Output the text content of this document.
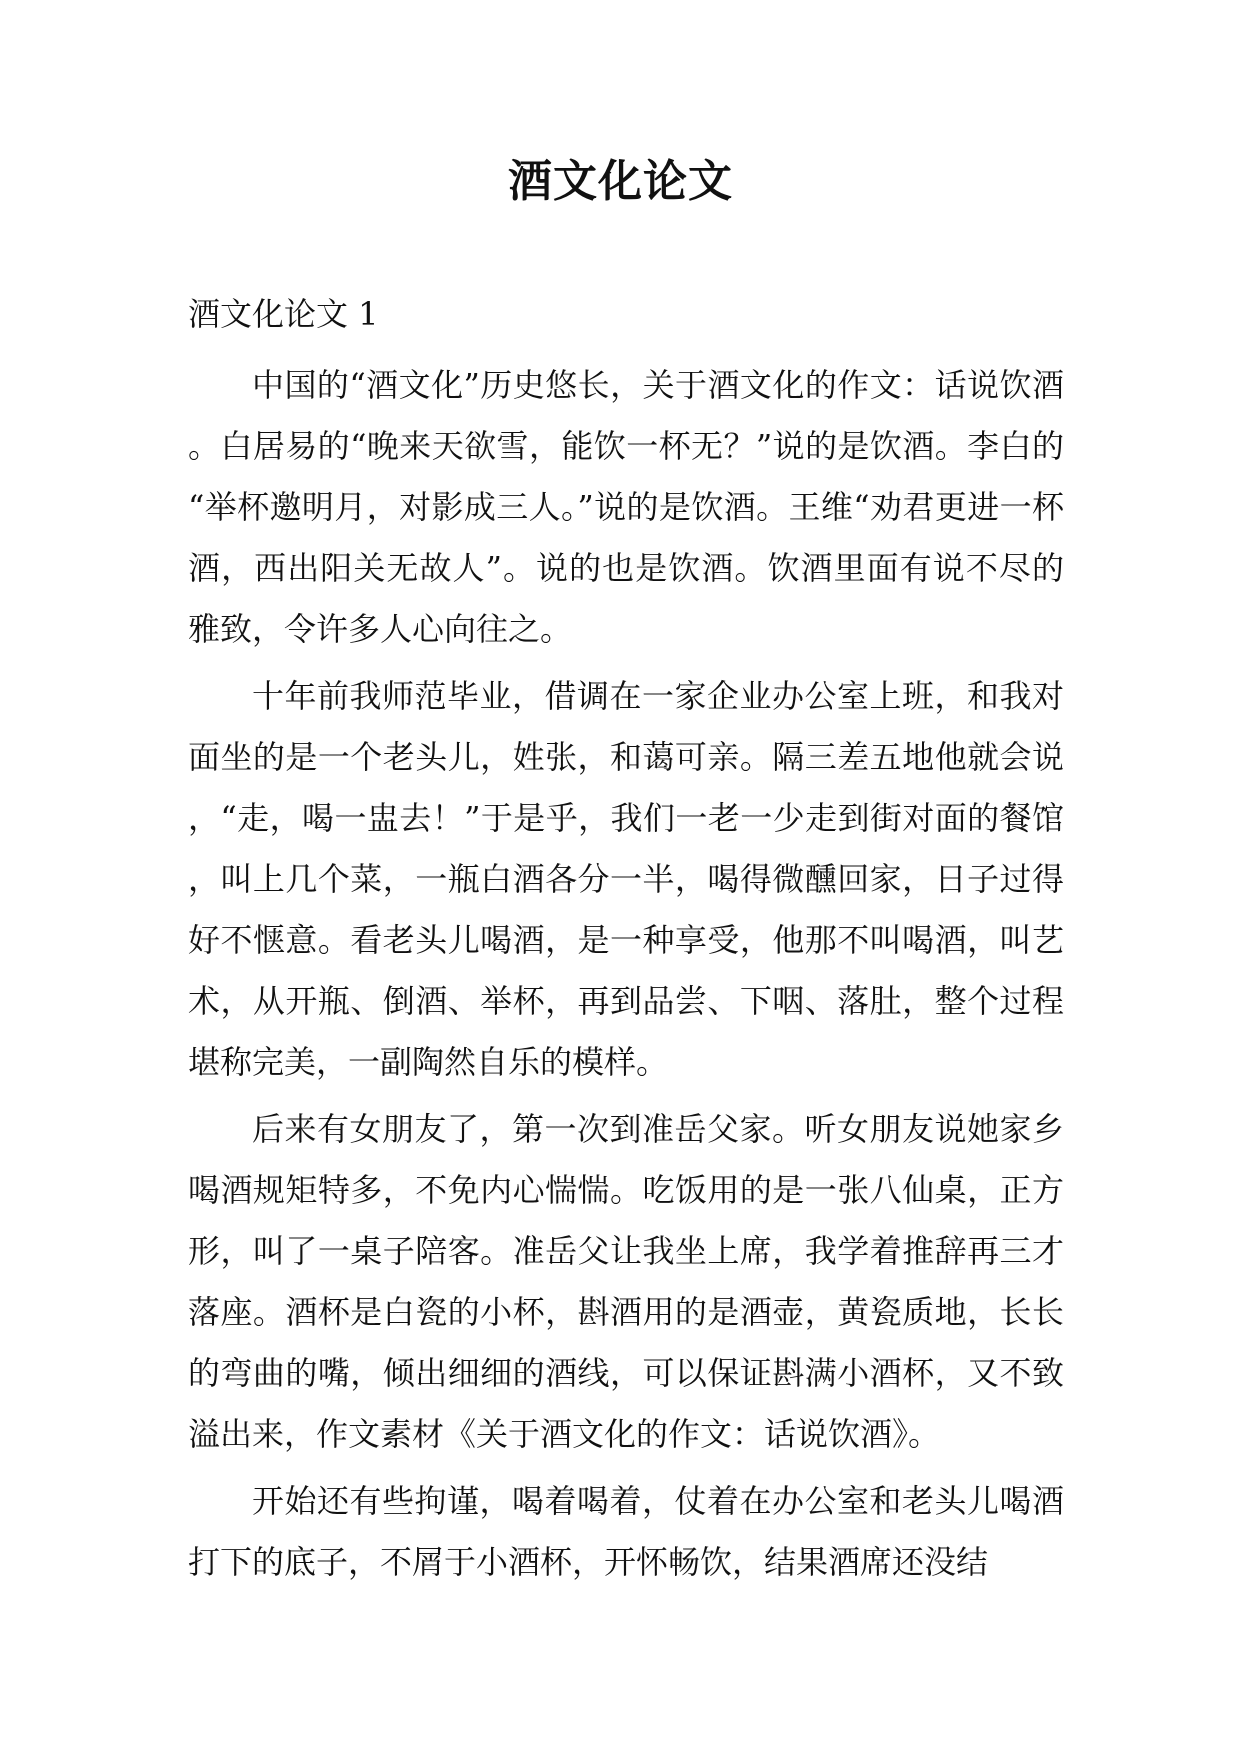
酒文化论文
酒文化论文 1

中国的“酒文化”历史悠长，关于酒文化的作文：话说饮酒。白居易的“晚来天欲雪，能饮一杯无？”说的是饮酒。李白的“举杯邀明月，对影成三人。”说的是饮酒。王维“劝君更进一杯酒，西出阳关无故人”。说的也是饮酒。饮酒里面有说不尽的雅致，令许多人心向往之。

十年前我师范毕业，借调在一家企业办公室上班，和我对面坐的是一个老头儿，姓张，和蔼可亲。隔三差五地他就会说，“走，喝一盅去！”于是乎，我们一老一少走到街对面的餐馆，叫上几个菜，一瓶白酒各分一半，喝得微醺回家，日子过得好不惬意。看老头儿喝酒，是一种享受，他那不叫喝酒，叫艺术，从开瓶、倒酒、举杯，再到品尝、下咽、落肚，整个过程堪称完美，一副陶然自乐的模样。

后来有女朋友了，第一次到准岳父家。听女朋友说她家乡喝酒规矩特多，不免内心惴惴。吃饭用的是一张八仙桌，正方形，叫了一桌子陪客。准岳父让我坐上席，我学着推辞再三才落座。酒杯是白瓷的小杯，斟酒用的是酒壶，黄瓷质地，长长的弯曲的嘴，倾出细细的酒线，可以保证斟满小酒杯，又不致溢出来，作文素材《关于酒文化的作文：话说饮酒》。

开始还有些拘谨，喝着喝着，仗着在办公室和老头儿喝酒打下的底子，不屑于小酒杯，开怀畅饮，结果酒席还没结
